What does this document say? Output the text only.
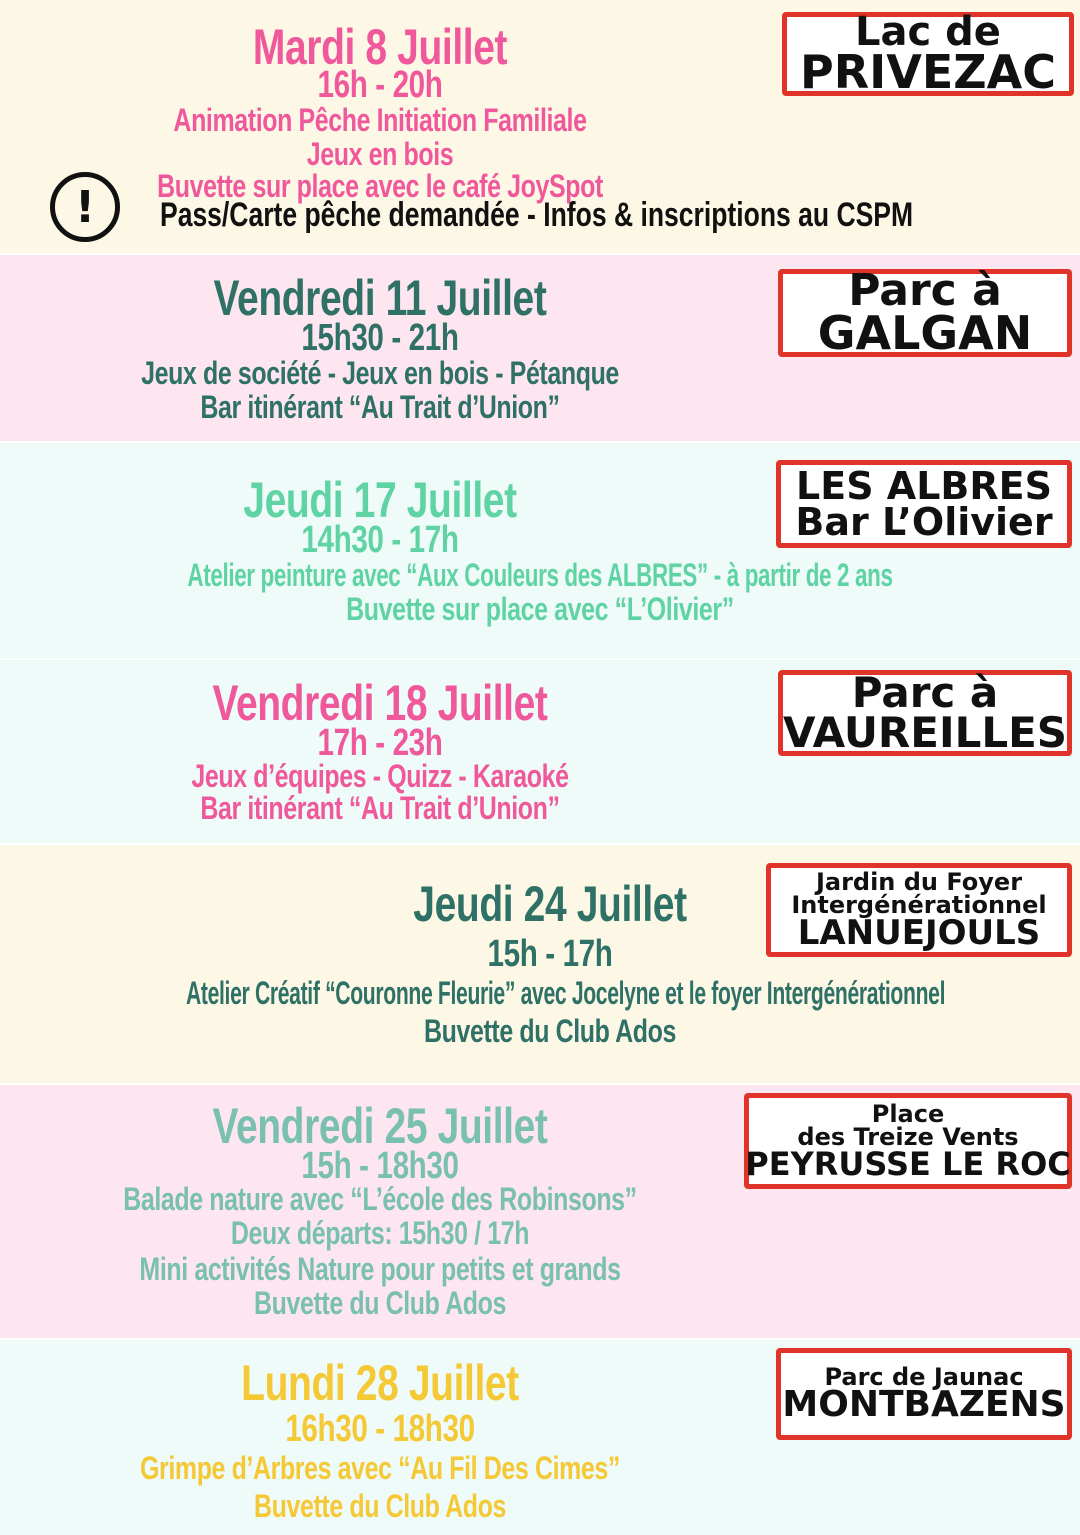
Mardi 8 Juillet
16h - 20h
Animation Pêche Initiation Familiale
Jeux en bois
Buvette sur place avec le café JoySpot
Lac de
PRIVEZAC
!	Pass/Carte pêche demandée - Infos & inscriptions au CSPM
Vendredi 11 Juillet
15h30 - 21h
Jeux de société - Jeux en bois - Pétanque
Bar itinérant “Au Trait d’Union”
Parc à
GALGAN
Jeudi 17 Juillet
14h30 - 17h
Atelier peinture avec “Aux Couleurs des ALBRES” - à partir de 2 ans
Buvette sur place avec “L’Olivier”
LES ALBRES
Bar L’Olivier
Vendredi 18 Juillet
17h - 23h
Jeux d’équipes - Quizz - Karaoké
Bar itinérant “Au Trait d’Union”
Parc à
VAUREILLES
Jeudi 24 Juillet
15h - 17h
Atelier Créatif “Couronne Fleurie” avec Jocelyne et le foyer Intergénérationnel
Buvette du Club Ados
Jardin du Foyer
Intergénérationnel
LANUEJOULS
Vendredi 25 Juillet
15h - 18h30
Balade nature avec “L’école des Robinsons”
Deux départs: 15h30 / 17h
Mini activités Nature pour petits et grands
Buvette du Club Ados
Place
des Treize Vents
PEYRUSSE LE ROC
Lundi 28 Juillet
16h30 - 18h30
Grimpe d’Arbres avec “Au Fil Des Cimes”
Buvette du Club Ados
Parc de Jaunac
MONTBAZENS
